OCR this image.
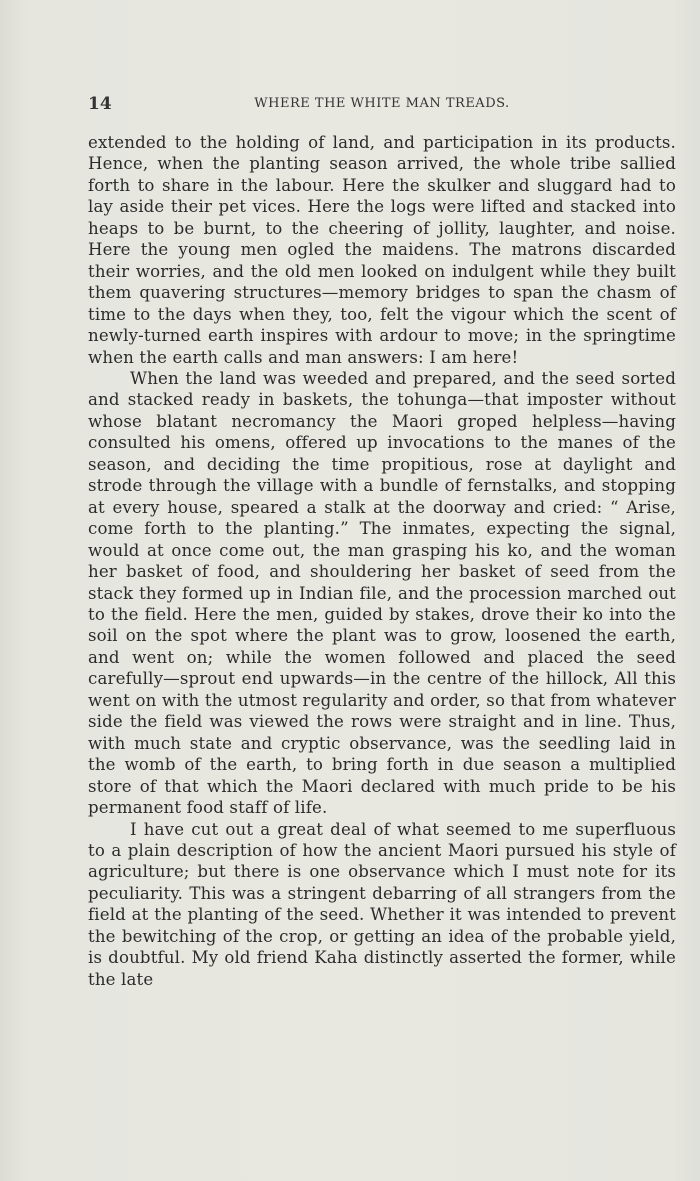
14	WHERE THE WHITE MAN TREADS.

extended to the holding of land, and participation in its products. Hence, when the planting season arrived, the whole tribe sallied forth to share in the labour. Here the skulker and sluggard had to lay aside their pet vices. Here the logs were lifted and stacked into heaps to be burnt, to the cheering of jollity, laughter, and noise. Here the young men ogled the maidens. The matrons discarded their worries, and the old men looked on indulgent while they built them quavering structures—memory bridges to span the chasm of time to the days when they, too, felt the vigour which the scent of newly-turned earth inspires with ardour to move; in the springtime when the earth calls and man answers: I am here!

When the land was weeded and prepared, and the seed sorted and stacked ready in baskets, the tohunga—that imposter without whose blatant necromancy the Maori groped helpless—having consulted his omens, offered up invocations to the manes of the season, and deciding the time propitious, rose at daylight and strode through the village with a bundle of fernstalks, and stopping at every house, speared a stalk at the doorway and cried: “ Arise, come forth to the planting.” The inmates, expecting the signal, would at once come out, the man grasping his ko, and the woman her basket of food, and shouldering her basket of seed from the stack they formed up in Indian file, and the procession marched out to the field. Here the men, guided by stakes, drove their ko into the soil on the spot where the plant was to grow, loosened the earth, and went on; while the women followed and placed the seed carefully—sprout end upwards—in the centre of the hillock, All this went on with the utmost regularity and order, so that from whatever side the field was viewed the rows were straight and in line. Thus, with much state and cryptic observance, was the seedling laid in the womb of the earth, to bring forth in due season a multiplied store of that which the Maori declared with much pride to be his permanent food staff of life.

I have cut out a great deal of what seemed to me superfluous to a plain description of how the ancient Maori pursued his style of agriculture; but there is one observance which I must note for its peculiarity. This was a stringent debarring of all strangers from the field at the planting of the seed. Whether it was intended to prevent the bewitching of the crop, or getting an idea of the probable yield, is doubtful. My old friend Kaha distinctly asserted the former, while the late
